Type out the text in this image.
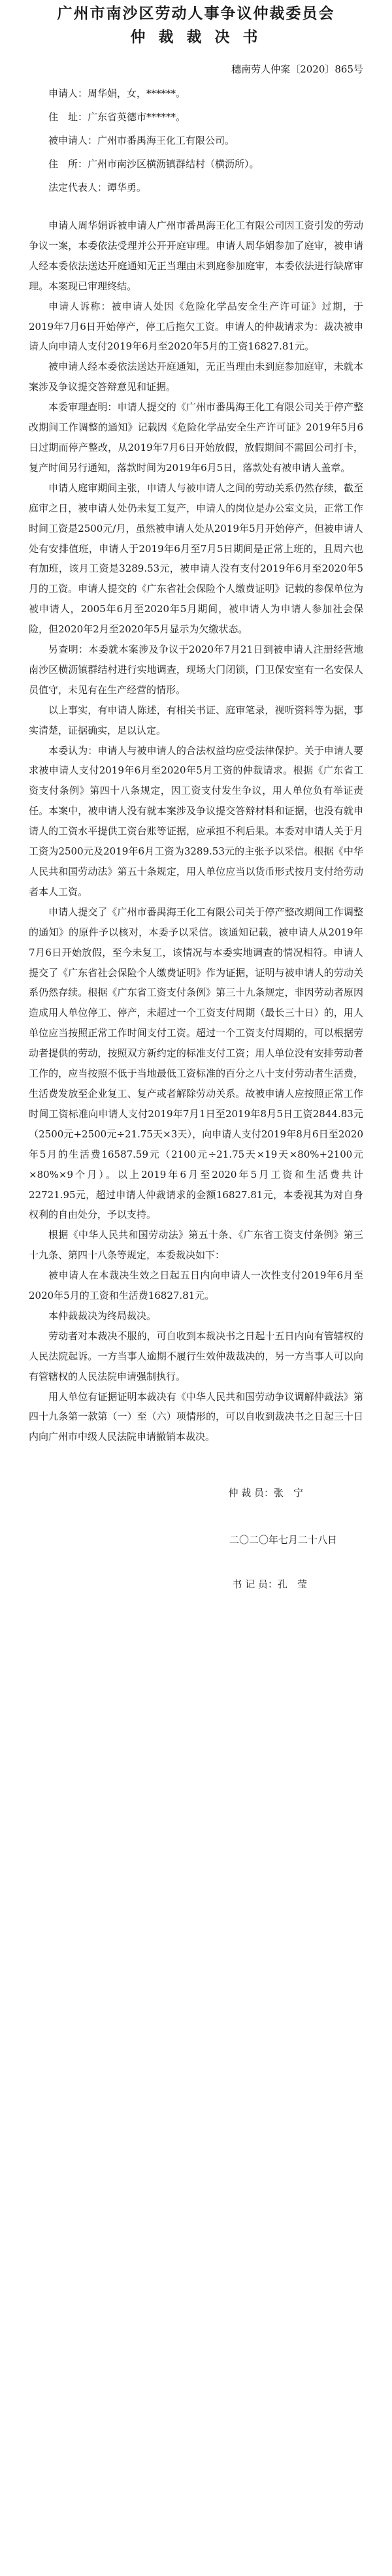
广州市南沙区劳动人事争议仲裁委员会
仲 裁 裁 决 书
穗南劳人仲案〔2020〕865号

申请人：周华娟，女，******。

住　址：广东省英德市******。

被申请人：广州市番禺海王化工有限公司。

住　所：广州市南沙区横沥镇群结村（横沥所）。

法定代表人：谭华勇。

申请人周华娟诉被申请人广州市番禺海王化工有限公司因工资引发的劳动争议一案，本委依法受理并公开开庭审理。申请人周华娟参加了庭审，被申请人经本委依法送达开庭通知无正当理由未到庭参加庭审，本委依法进行缺席审理。本案现已审理终结。

申请人诉称：被申请人处因《危险化学品安全生产许可证》过期，于2019年7月6日开始停产，停工后拖欠工资。申请人的仲裁请求为：裁决被申请人向申请人支付2019年6月至2020年5月的工资16827.81元。

被申请人经本委依法送达开庭通知，无正当理由未到庭参加庭审，未就本案涉及争议提交答辩意见和证据。

本委审理查明：申请人提交的《广州市番禺海王化工有限公司关于停产整改期间工作调整的通知》记载因《危险化学品安全生产许可证》2019年5月6日过期而停产整改，从2019年7月6日开始放假，放假期间不需回公司打卡，复产时间另行通知，落款时间为2019年6月5日，落款处有被申请人盖章。

申请人庭审期间主张，申请人与被申请人之间的劳动关系仍然存续，截至庭审之日，被申请人处仍未复工复产，申请人的岗位是办公室文员，正常工作时间工资是2500元/月，虽然被申请人处从2019年5月开始停产，但被申请人处有安排值班，申请人于2019年6月至7月5日期间是正常上班的，且周六也有加班，该月工资是3289.53元，被申请人没有支付2019年6月至2020年5月的工资。申请人提交的《广东省社会保险个人缴费证明》记载的参保单位为被申请人，2005年6月至2020年5月期间，被申请人为申请人参加社会保险，但2020年2月至2020年5月显示为欠缴状态。

另查明：本委就本案涉及争议于2020年7月21日到被申请人注册经营地南沙区横沥镇群结村进行实地调查，现场大门闭锁，门卫保安室有一名安保人员值守，未见有在生产经营的情形。

以上事实，有申请人陈述，有相关书证、庭审笔录，视听资料等为据，事实清楚，证据确实，足以认定。

本委认为：申请人与被申请人的合法权益均应受法律保护。关于申请人要求被申请人支付2019年6月至2020年5月工资的仲裁请求。根据《广东省工资支付条例》第四十八条规定，因工资支付发生争议，用人单位负有举证责任。本案中，被申请人没有就本案涉及争议提交答辩材料和证据，也没有就申请人的工资水平提供工资台账等证据，应承担不利后果。本委对申请人关于月工资为2500元及2019年6月工资为3289.53元的主张予以采信。根据《中华人民共和国劳动法》第五十条规定，用人单位应当以货币形式按月支付给劳动者本人工资。

申请人提交了《广州市番禺海王化工有限公司关于停产整改期间工作调整的通知》的原件予以核对，本委予以采信。该通知记载，被申请人从2019年7月6日开始放假，至今未复工，该情况与本委实地调查的情况相符。申请人提交了《广东省社会保险个人缴费证明》作为证据，证明与被申请人的劳动关系仍然存续。根据《广东省工资支付条例》第三十九条规定，非因劳动者原因造成用人单位停工、停产，未超过一个工资支付周期（最长三十日）的，用人单位应当按照正常工作时间支付工资。超过一个工资支付周期的，可以根据劳动者提供的劳动，按照双方新约定的标准支付工资；用人单位没有安排劳动者工作的，应当按照不低于当地最低工资标准的百分之八十支付劳动者生活费，生活费发放至企业复工、复产或者解除劳动关系。故被申请人应按照正常工作时间工资标准向申请人支付2019年7月1日至2019年8月5日工资2844.83元（2500元+2500元÷21.75天×3天），向申请人支付2019年8月6日至2020年5月的生活费16587.59元（2100元÷21.75天×19天×80%+2100元×80%×9个月）。以上2019年6月至2020年5月工资和生活费共计22721.95元，超过申请人仲裁请求的金额16827.81元，本委视其为对自身权利的自由处分，予以支持。

根据《中华人民共和国劳动法》第五十条、《广东省工资支付条例》第三十九条、第四十八条等规定，本委裁决如下：

被申请人在本裁决生效之日起五日内向申请人一次性支付2019年6月至2020年5月的工资和生活费16827.81元。

本仲裁裁决为终局裁决。

劳动者对本裁决不服的，可自收到本裁决书之日起十五日内向有管辖权的人民法院起诉。一方当事人逾期不履行生效仲裁裁决的，另一方当事人可以向有管辖权的人民法院申请强制执行。

用人单位有证据证明本裁决有《中华人民共和国劳动争议调解仲裁法》第四十九条第一款第（一）至（六）项情形的，可以自收到裁决书之日起三十日内向广州市中级人民法院申请撤销本裁决。

仲 裁 员：张　宁

二〇二〇年七月二十八日

书 记 员：孔　莹
